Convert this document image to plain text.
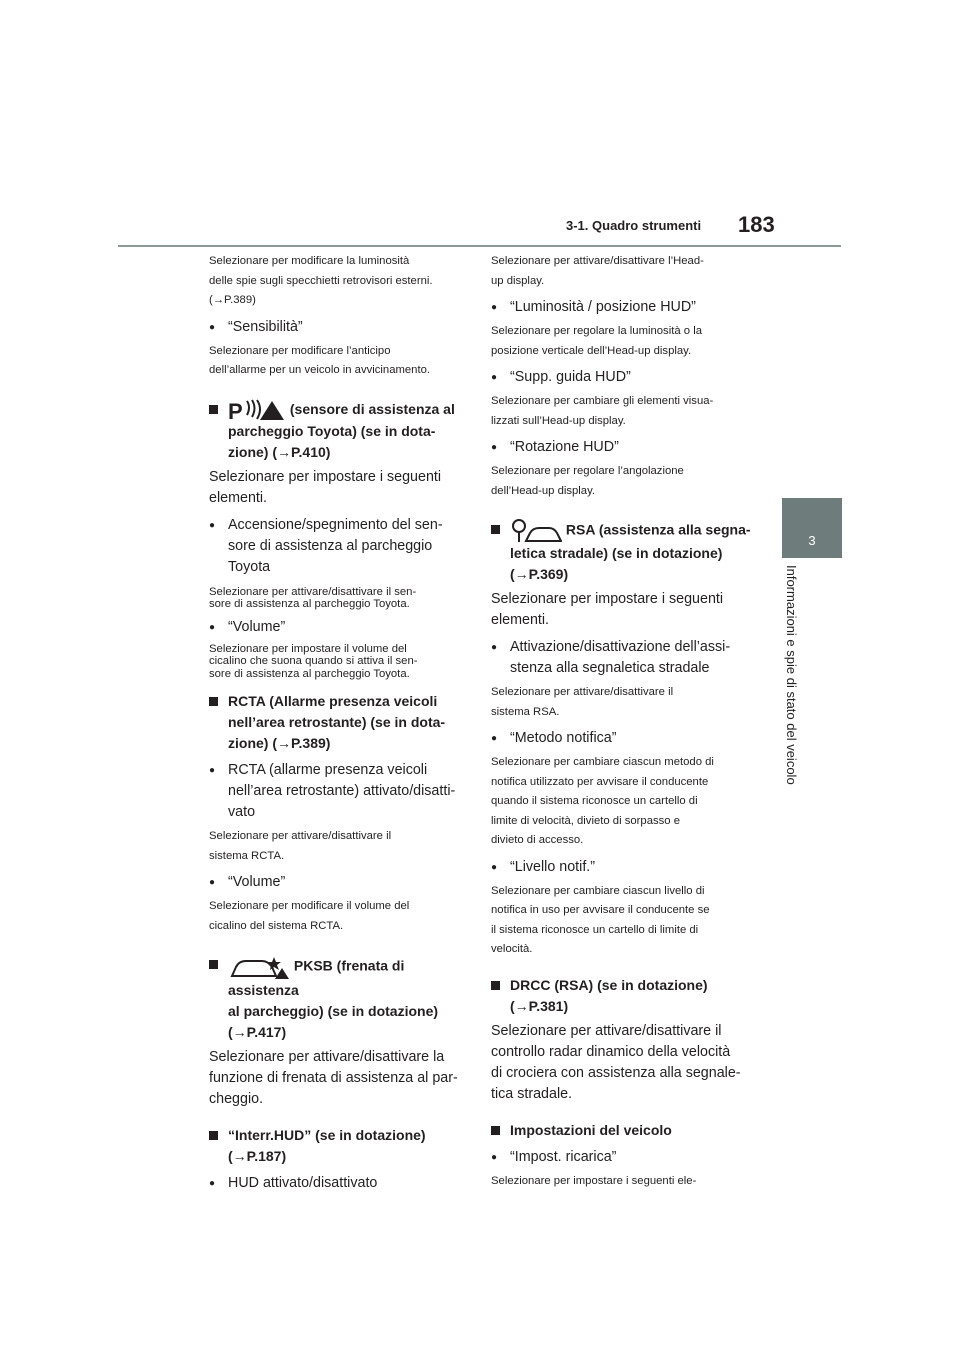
3-1. Quadro strumenti 183
3
Informazioni e spie di stato del veicolo

Selezionare per modificare la luminosità
delle spie sugli specchietti retrovisori esterni.
(→P.389)

● “Sensibilità”

Selezionare per modificare l’anticipo
dell’allarme per un veicolo in avvicinamento.

P	(sensore di assistenza al
parcheggio Toyota) (se in dota-
zione) (→P.410)

Selezionare per impostare i seguenti
elementi.

● Accensione/spegnimento del sen-
sore di assistenza al parcheggio
Toyota

Selezionare per attivare/disattivare il sen-
sore di assistenza al parcheggio Toyota.

● “Volume”

Selezionare per impostare il volume del
cicalino che suona quando si attiva il sen-
sore di assistenza al parcheggio Toyota.

RCTA (Allarme presenza veicoli
nell’area retrostante) (se in dota-
zione) (→P.389)

● RCTA (allarme presenza veicoli
nell’area retrostante) attivato/disatti-
vato

Selezionare per attivare/disattivare il
sistema RCTA.

● “Volume”

Selezionare per modificare il volume del
cicalino del sistema RCTA.

PKSB (frenata di assistenza
al parcheggio) (se in dotazione)
(→P.417)

Selezionare per attivare/disattivare la
funzione di frenata di assistenza al par-
cheggio.

“Interr.HUD” (se in dotazione)
(→P.187)

● HUD attivato/disattivato

Selezionare per attivare/disattivare l’Head-
up display.

● “Luminosità / posizione HUD”

Selezionare per regolare la luminosità o la
posizione verticale dell’Head-up display.

● “Supp. guida HUD”

Selezionare per cambiare gli elementi visua-
lizzati sull’Head-up display.

● “Rotazione HUD”

Selezionare per regolare l’angolazione
dell’Head-up display.

RSA (assistenza alla segna-
letica stradale) (se in dotazione)
(→P.369)

Selezionare per impostare i seguenti
elementi.

● Attivazione/disattivazione dell’assi-
stenza alla segnaletica stradale

Selezionare per attivare/disattivare il
sistema RSA.

● “Metodo notifica”

Selezionare per cambiare ciascun metodo di
notifica utilizzato per avvisare il conducente
quando il sistema riconosce un cartello di
limite di velocità, divieto di sorpasso e
divieto di accesso.

● “Livello notif.”

Selezionare per cambiare ciascun livello di
notifica in uso per avvisare il conducente se
il sistema riconosce un cartello di limite di
velocità.

DRCC (RSA) (se in dotazione)
(→P.381)

Selezionare per attivare/disattivare il
controllo radar dinamico della velocità
di crociera con assistenza alla segnale-
tica stradale.

Impostazioni del veicolo

● “Impost. ricarica”

Selezionare per impostare i seguenti ele-
